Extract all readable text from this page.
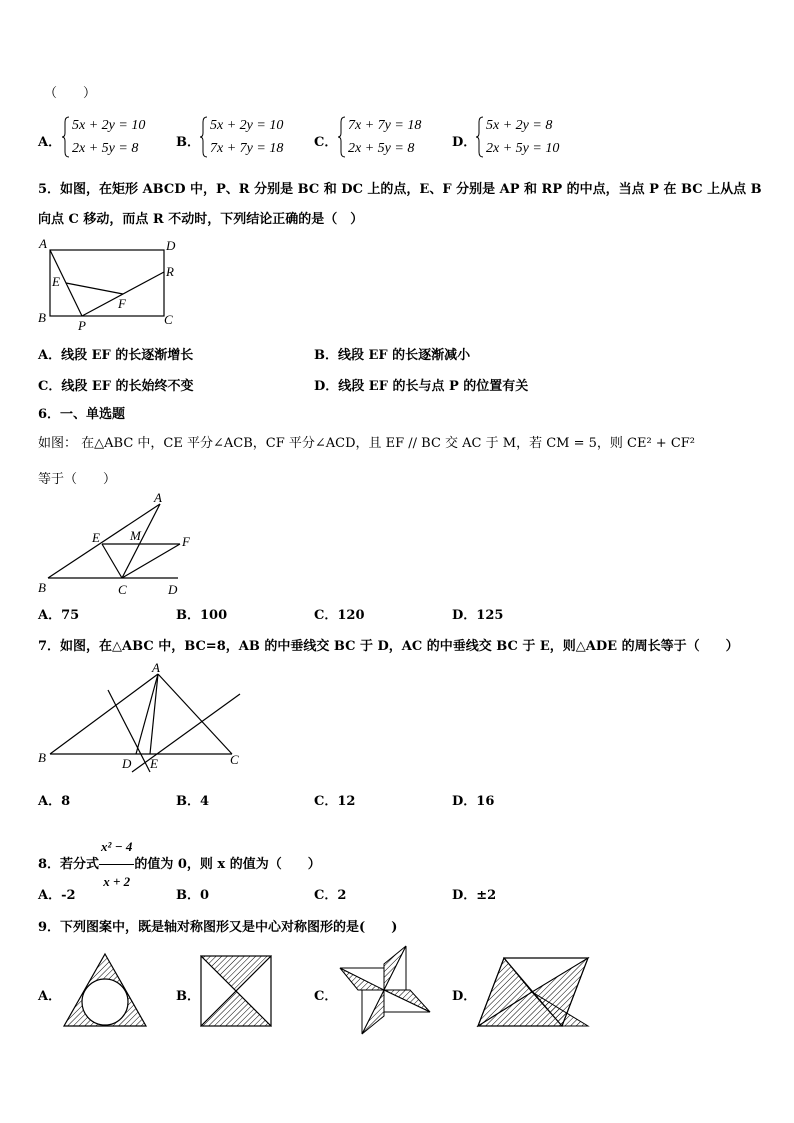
（　　）
A．
5x + 2y = 10
2x + 5y = 8	B．
5x + 2y = 10
7x + 7y = 18 C．
7x + 7y = 18
2x + 5y = 8	D．
5x + 2y = 8
2x + 5y = 10
5．如图，在矩形 ABCD 中，P、R 分别是 BC 和 DC 上的点，E、F 分别是 AP 和 RP 的中点，当点 P 在 BC 上从点 B
向点 C 移动，而点 R 不动时，下列结论正确的是（　）
A	D
R
E
F
B
P	C
A．线段 EF 的长逐渐增长	B．线段 EF 的长逐渐减小
C．线段 EF 的长始终不变	D．线段 EF 的长与点 P 的位置有关
6．一、单选题
如图： 在△ABC 中，CE 平分∠ACB，CF 平分∠ACD，且 EF // BC 交 AC 于 M，若 CM = 5，则 CE² + CF²
等于（　　）
A
E M	F
B	C	D
A．75	B．100	C．120	D．125
7．如图，在△ABC 中，BC=8，AB 的中垂线交 BC 于 D，AC 的中垂线交 BC 于 E，则△ADE 的周长等于（　　）
A
B	D E	C
A．8	B．4	C．12	D．16
8．若分式 $\frac{\text{x² − 4}}{x + 2}$ 的值为 0，则 x 的值为（　　）
A．-2	B．0	C．2	D．±2
9．下列图案中，既是轴对称图形又是中心对称图形的是(　　)
A．	B．	C．	D．
